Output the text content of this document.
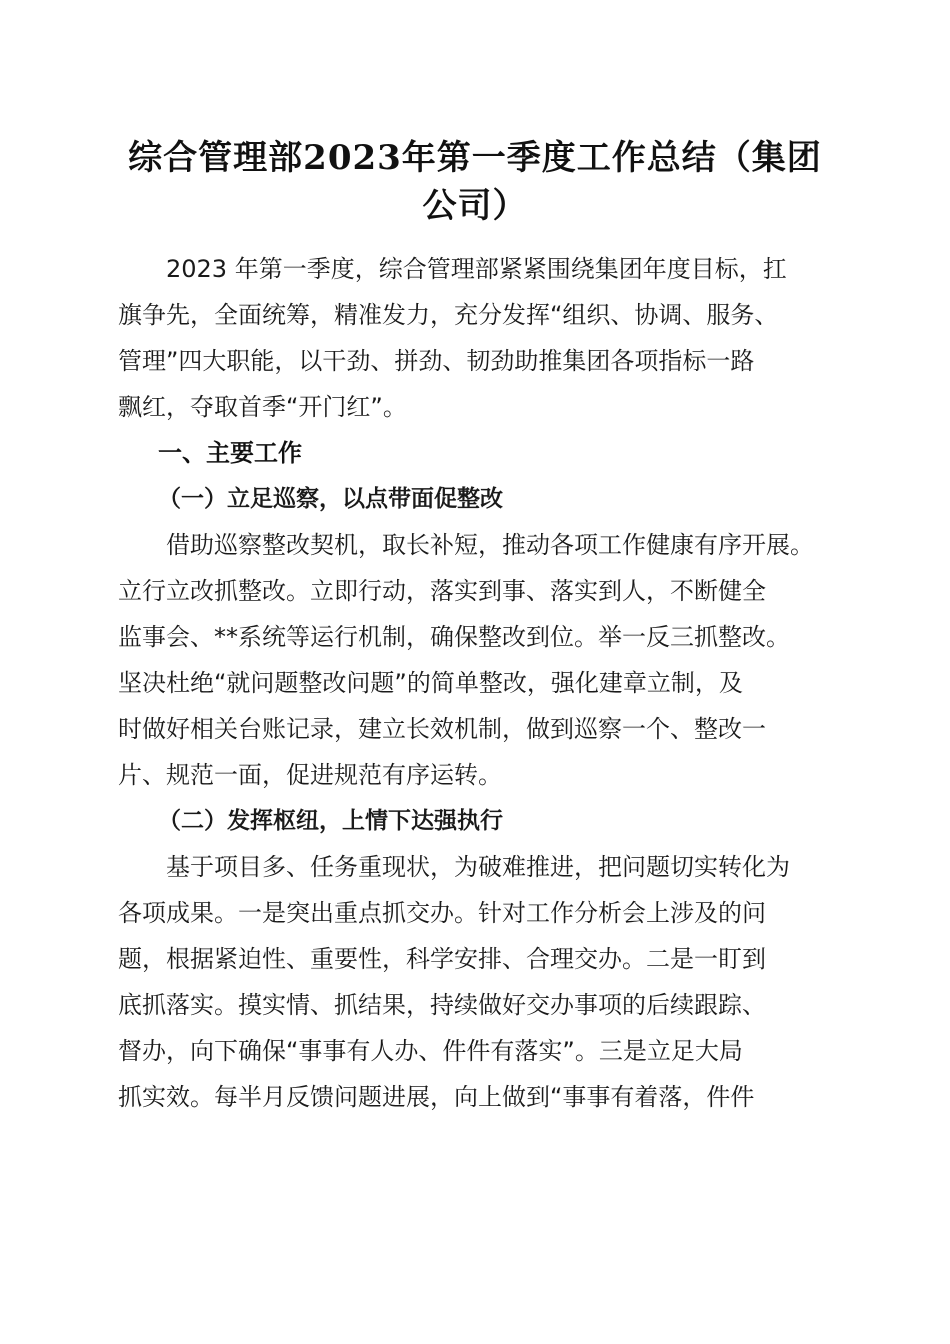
综合管理部2023年第一季度工作总结（集团
公司）

　　2023 年第一季度，综合管理部紧紧围绕集团年度目标，扛

旗争先，全面统筹，精准发力，充分发挥“组织、协调、服务、

管理”四大职能，以干劲、拼劲、韧劲助推集团各项指标一路

飘红，夺取首季“开门红”。

一、主要工作
（一）立足巡察，以点带面促整改

　　借助巡察整改契机，取长补短，推动各项工作健康有序开展。

立行立改抓整改。立即行动，落实到事、落实到人，不断健全

监事会、**系统等运行机制，确保整改到位。举一反三抓整改。

坚决杜绝“就问题整改问题”的简单整改，强化建章立制，及

时做好相关台账记录，建立长效机制，做到巡察一个、整改一

片、规范一面，促进规范有序运转。

（二）发挥枢纽，上情下达强执行

　　基于项目多、任务重现状，为破难推进，把问题切实转化为

各项成果。一是突出重点抓交办。针对工作分析会上涉及的问

题，根据紧迫性、重要性，科学安排、合理交办。二是一盯到

底抓落实。摸实情、抓结果，持续做好交办事项的后续跟踪、

督办，向下确保“事事有人办、件件有落实”。三是立足大局

抓实效。每半月反馈问题进展，向上做到“事事有着落，件件
